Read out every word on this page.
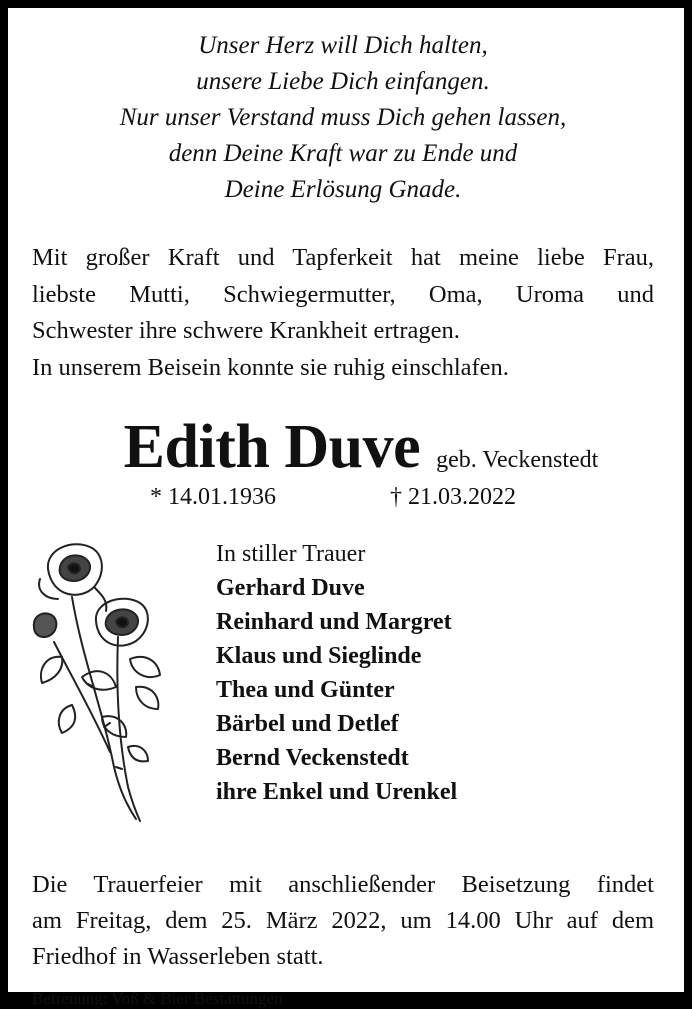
Unser Herz will Dich halten,
unsere Liebe Dich einfangen.
Nur unser Verstand muss Dich gehen lassen,
denn Deine Kraft war zu Ende und
Deine Erlösung Gnade.
Mit großer Kraft und Tapferkeit hat meine liebe Frau,
liebste Mutti, Schwiegermutter, Oma, Uroma und
Schwester ihre schwere Krankheit ertragen.
In unserem Beisein konnte sie ruhig einschlafen.
Edith Duve geb. Veckenstedt
* 14.01.1936	† 21.03.2022
In stiller Trauer
Gerhard Duve
Reinhard und Margret
Klaus und Sieglinde
Thea und Günter
Bärbel und Detlef
Bernd Veckenstedt
ihre Enkel und Urenkel
Die Trauerfeier mit anschließender Beisetzung findet
am Freitag, dem 25. März 2022, um 14.00 Uhr auf dem
Friedhof in Wasserleben statt.
Betreuung: Voß & Bier Bestattungen
